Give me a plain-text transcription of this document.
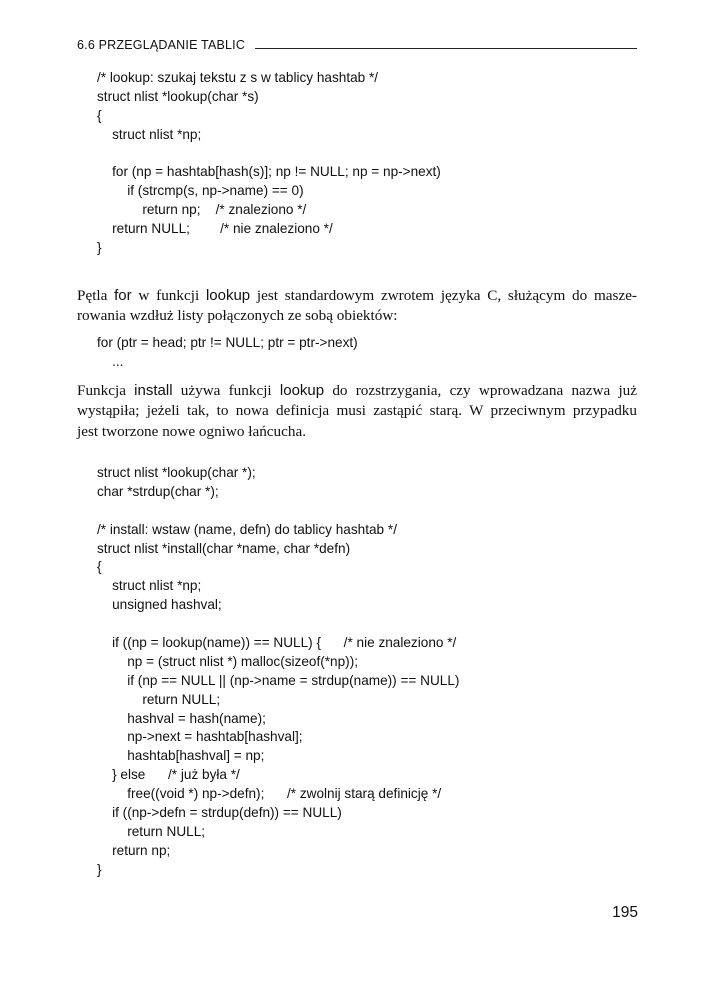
6.6 PRZEGLĄDANIE TABLIC
/* lookup: szukaj tekstu z s w tablicy hashtab */
struct nlist *lookup(char *s)
{
struct nlist *np;
for (np = hashtab[hash(s)]; np != NULL; np = np->next)
if (strcmp(s, np->name) == 0)
return np;    /* znaleziono */
return NULL;        /* nie znaleziono */
}
Pętla for w funkcji lookup jest standardowym zwrotem języka C, służącym do masze-
rowania wzdłuż listy połączonych ze sobą obiektów:
for (ptr = head; ptr != NULL; ptr = ptr->next)
...
Funkcja install używa funkcji lookup do rozstrzygania, czy wprowadzana nazwa już
wystąpiła; jeżeli tak, to nowa definicja musi zastąpić starą. W przeciwnym przypadku
jest tworzone nowe ogniwo łańcucha.
struct nlist *lookup(char *);
char *strdup(char *);
/* install: wstaw (name, defn) do tablicy hashtab */
struct nlist *install(char *name, char *defn)
{
struct nlist *np;
unsigned hashval;
if ((np = lookup(name)) == NULL) {      /* nie znaleziono */
np = (struct nlist *) malloc(sizeof(*np));
if (np == NULL || (np->name = strdup(name)) == NULL)
return NULL;
hashval = hash(name);
np->next = hashtab[hashval];
hashtab[hashval] = np;
} else      /* już była */
free((void *) np->defn);      /* zwolnij starą definicję */
if ((np->defn = strdup(defn)) == NULL)
return NULL;
return np;
}
195
